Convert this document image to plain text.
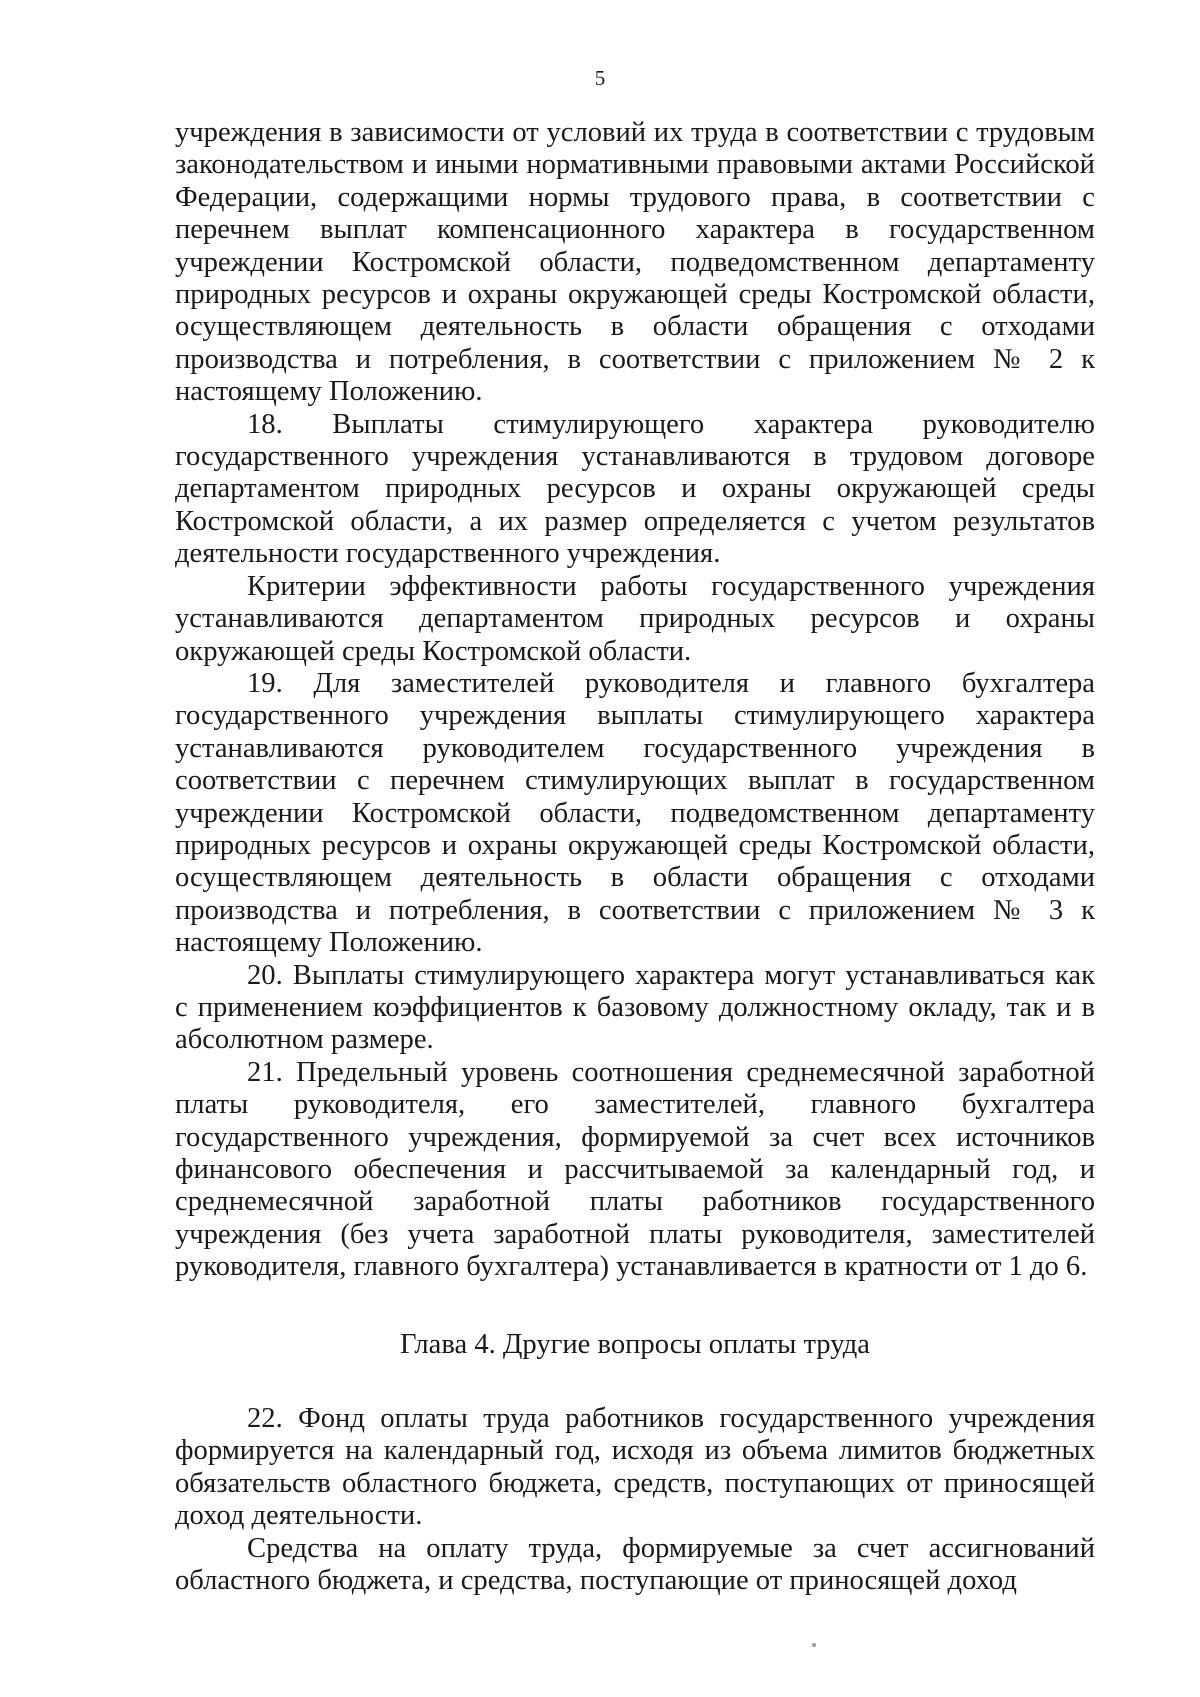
5

учреждения в зависимости от условий их труда в соответствии с трудовым законодательством и иными нормативными правовыми актами Российской Федерации, содержащими нормы трудового права, в соответствии с перечнем выплат компенсационного характера в государственном учреждении Костромской области, подведомственном департаменту природных ресурсов и охраны окружающей среды Костромской области, осуществляющем деятельность в области обращения с отходами производства и потребления, в соответствии с приложением № 2 к настоящему Положению.

18. Выплаты стимулирующего характера руководителю государственного учреждения устанавливаются в трудовом договоре департаментом природных ресурсов и охраны окружающей среды Костромской области, а их размер определяется с учетом результатов деятельности государственного учреждения.

Критерии эффективности работы государственного учреждения устанавливаются департаментом природных ресурсов и охраны окружающей среды Костромской области.

19. Для заместителей руководителя и главного бухгалтера государственного учреждения выплаты стимулирующего характера устанавливаются руководителем государственного учреждения в соответствии с перечнем стимулирующих выплат в государственном учреждении Костромской области, подведомственном департаменту природных ресурсов и охраны окружающей среды Костромской области, осуществляющем деятельность в области обращения с отходами производства и потребления, в соответствии с приложением № 3 к настоящему Положению.

20. Выплаты стимулирующего характера могут устанавливаться как с применением коэффициентов к базовому должностному окладу, так и в абсолютном размере.

21. Предельный уровень соотношения среднемесячной заработной платы руководителя, его заместителей, главного бухгалтера государственного учреждения, формируемой за счет всех источников финансового обеспечения и рассчитываемой за календарный год, и среднемесячной заработной платы работников государственного учреждения (без учета заработной платы руководителя, заместителей руководителя, главного бухгалтера) устанавливается в кратности от 1 до 6.

Глава 4. Другие вопросы оплаты труда

22. Фонд оплаты труда работников государственного учреждения формируется на календарный год, исходя из объема лимитов бюджетных обязательств областного бюджета, средств, поступающих от приносящей доход деятельности.

Средства на оплату труда, формируемые за счет ассигнований областного бюджета, и средства, поступающие от приносящей доход
